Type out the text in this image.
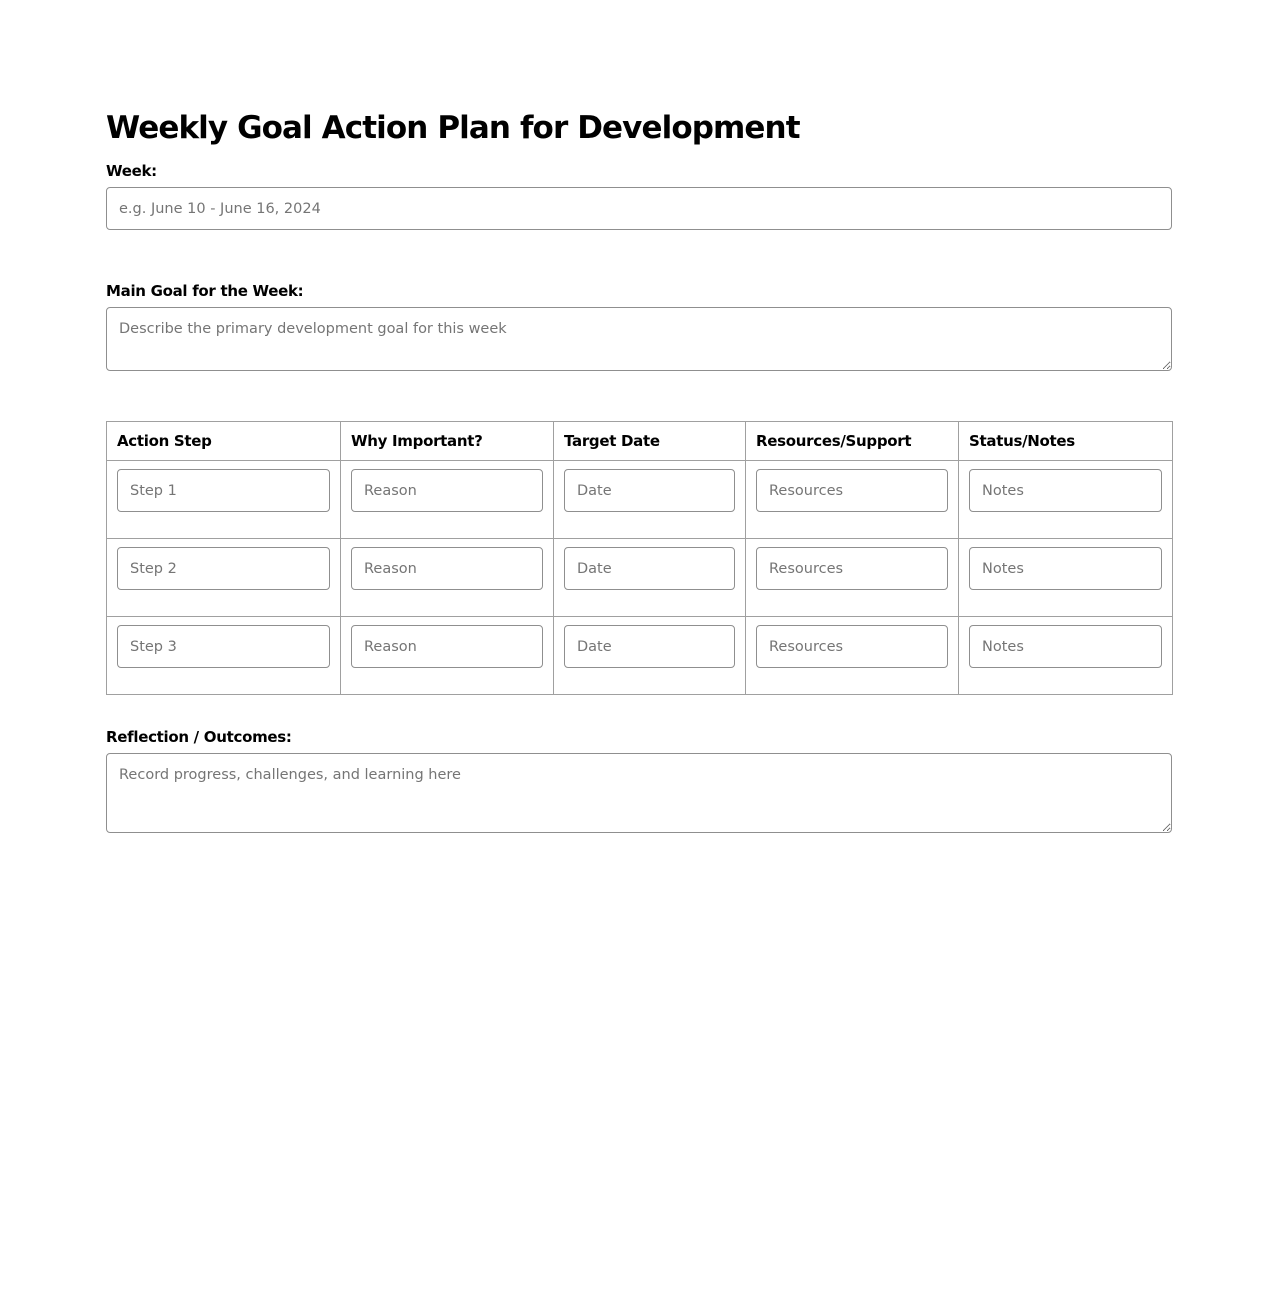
Weekly Goal Action Plan for Development
Week:
e.g. June 10 - June 16, 2024
Main Goal for the Week:
Describe the primary development goal for this week
Action Step	Why Important?	Target Date	Resources/Support	Status/Notes
Step 1	Reason	Date	Resources	Notes
Step 2	Reason	Date	Resources	Notes
Step 3	Reason	Date	Resources	Notes
Reflection / Outcomes:
Record progress, challenges, and learning here
